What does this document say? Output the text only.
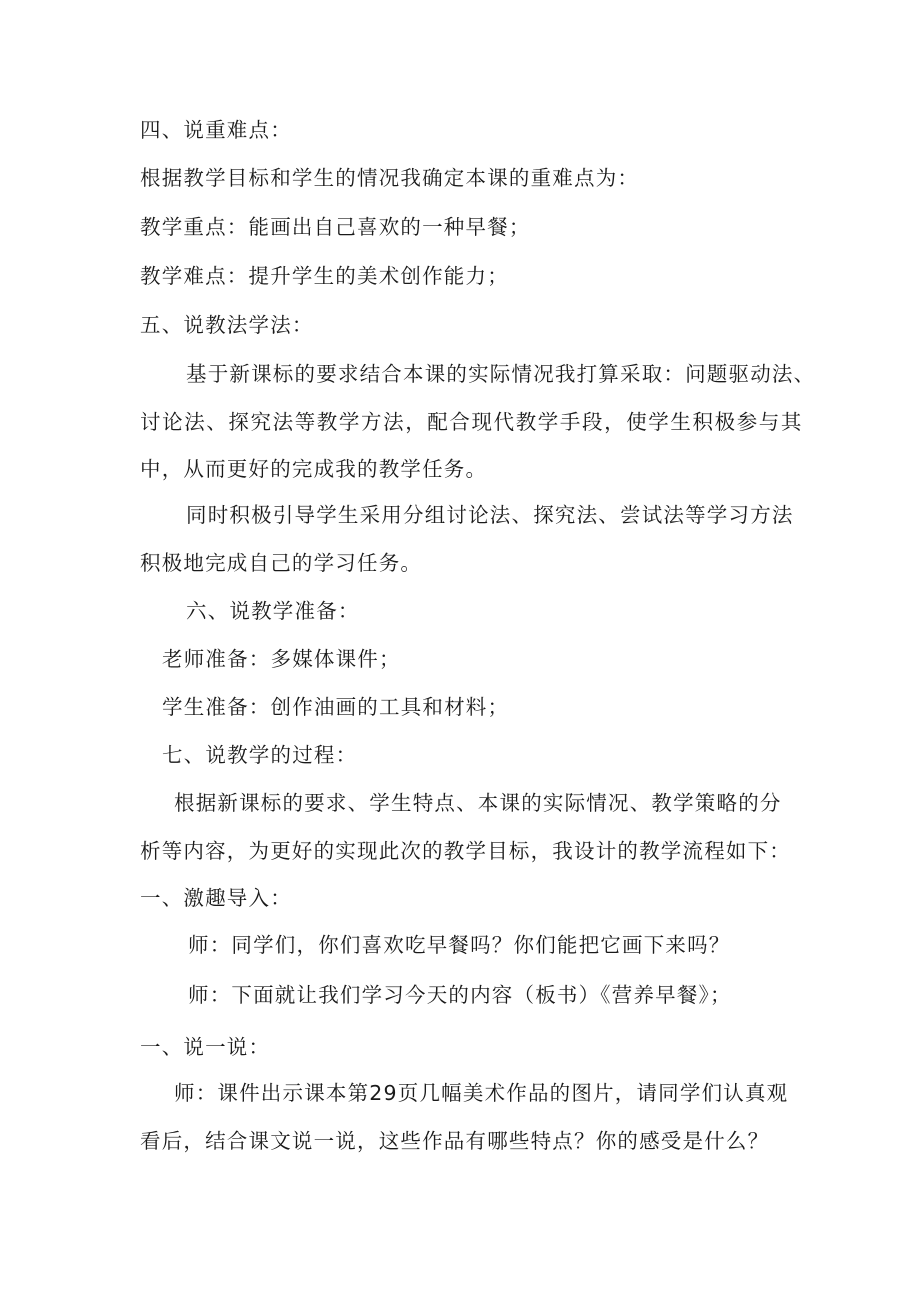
四、说重难点：
根据教学目标和学生的情况我确定本课的重难点为：
教学重点：能画出自己喜欢的一种早餐；
教学难点：提升学生的美术创作能力；
五、说教法学法：
基于新课标的要求结合本课的实际情况我打算采取：问题驱动法、
讨论法、探究法等教学方法，配合现代教学手段，使学生积极参与其
中，从而更好的完成我的教学任务。
同时积极引导学生采用分组讨论法、探究法、尝试法等学习方法
积极地完成自己的学习任务。
六、说教学准备：
老师准备：多媒体课件；
学生准备：创作油画的工具和材料；
七、说教学的过程：
根据新课标的要求、学生特点、本课的实际情况、教学策略的分
析等内容，为更好的实现此次的教学目标，我设计的教学流程如下：
一、激趣导入：
师：同学们，你们喜欢吃早餐吗？你们能把它画下来吗？
师：下面就让我们学习今天的内容（板书）《营养早餐》；
一、说一说：
师：课件出示课本第29页几幅美术作品的图片，请同学们认真观
看后，结合课文说一说，这些作品有哪些特点？你的感受是什么？
